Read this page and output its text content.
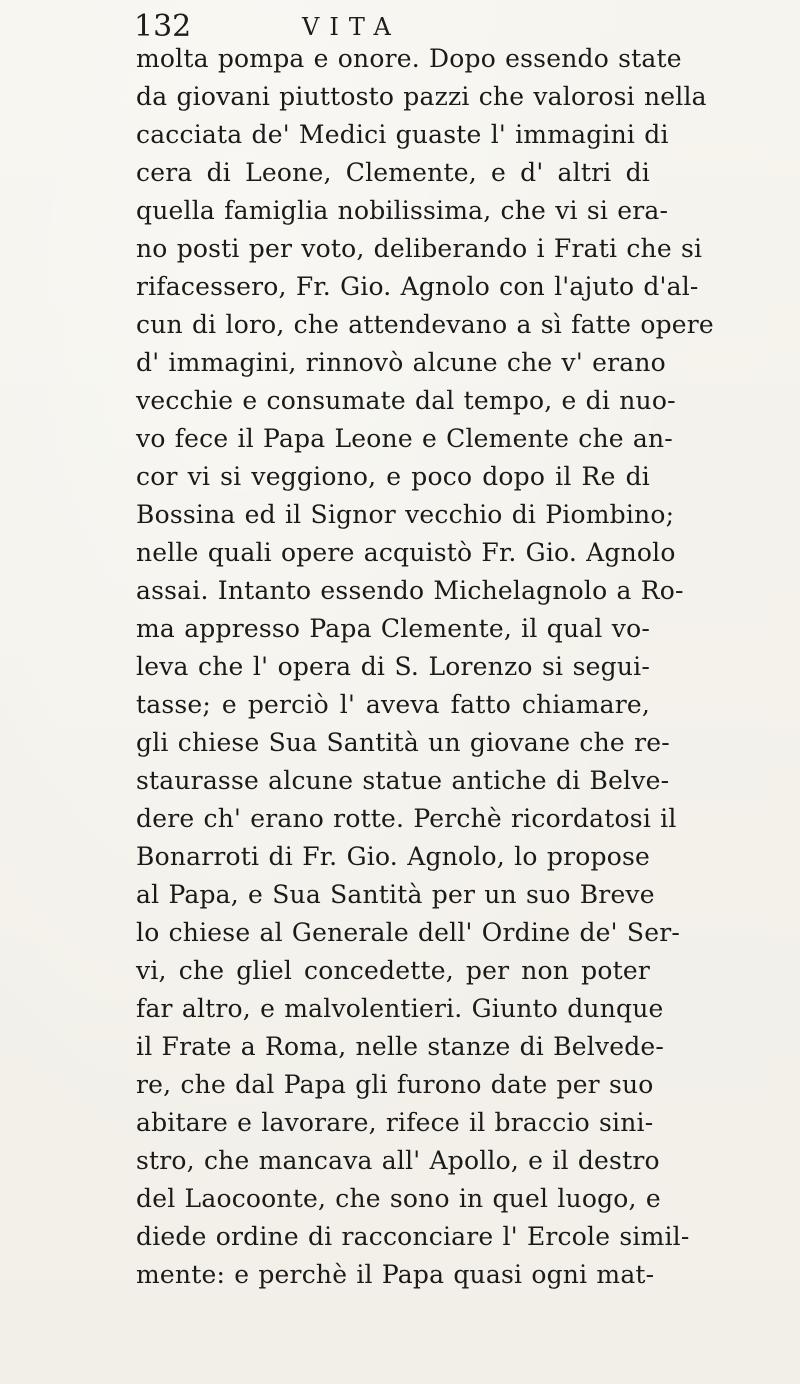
132	VITA
molta pompa e onore. Dopo essendo state
da giovani piuttosto pazzi che valorosi nella
cacciata de' Medici guaste l' immagini di
cera di Leone, Clemente, e d' altri di
quella famiglia nobilissima, che vi si era-
no posti per voto, deliberando i Frati che si
rifacessero, Fr. Gio. Agnolo con l'ajuto d'al-
cun di loro, che attendevano a sì fatte opere
d' immagini, rinnovò alcune che v' erano
vecchie e consumate dal tempo, e di nuo-
vo fece il Papa Leone e Clemente che an-
cor vi si veggiono, e poco dopo il Re di
Bossina ed il Signor vecchio di Piombino;
nelle quali opere acquistò Fr. Gio. Agnolo
assai. Intanto essendo Michelagnolo a Ro-
ma appresso Papa Clemente, il qual vo-
leva che l' opera di S. Lorenzo si segui-
tasse; e perciò l' aveva fatto chiamare,
gli chiese Sua Santità un giovane che re-
staurasse alcune statue antiche di Belve-
dere ch' erano rotte. Perchè ricordatosi il
Bonarroti di Fr. Gio. Agnolo, lo propose
al Papa, e Sua Santità per un suo Breve
lo chiese al Generale dell' Ordine de' Ser-
vi, che gliel concedette, per non poter
far altro, e malvolentieri. Giunto dunque
il Frate a Roma, nelle stanze di Belvede-
re, che dal Papa gli furono date per suo
abitare e lavorare, rifece il braccio sini-
stro, che mancava all' Apollo, e il destro
del Laocoonte, che sono in quel luogo, e
diede ordine di racconciare l' Ercole simil-
mente: e perchè il Papa quasi ogni mat-
